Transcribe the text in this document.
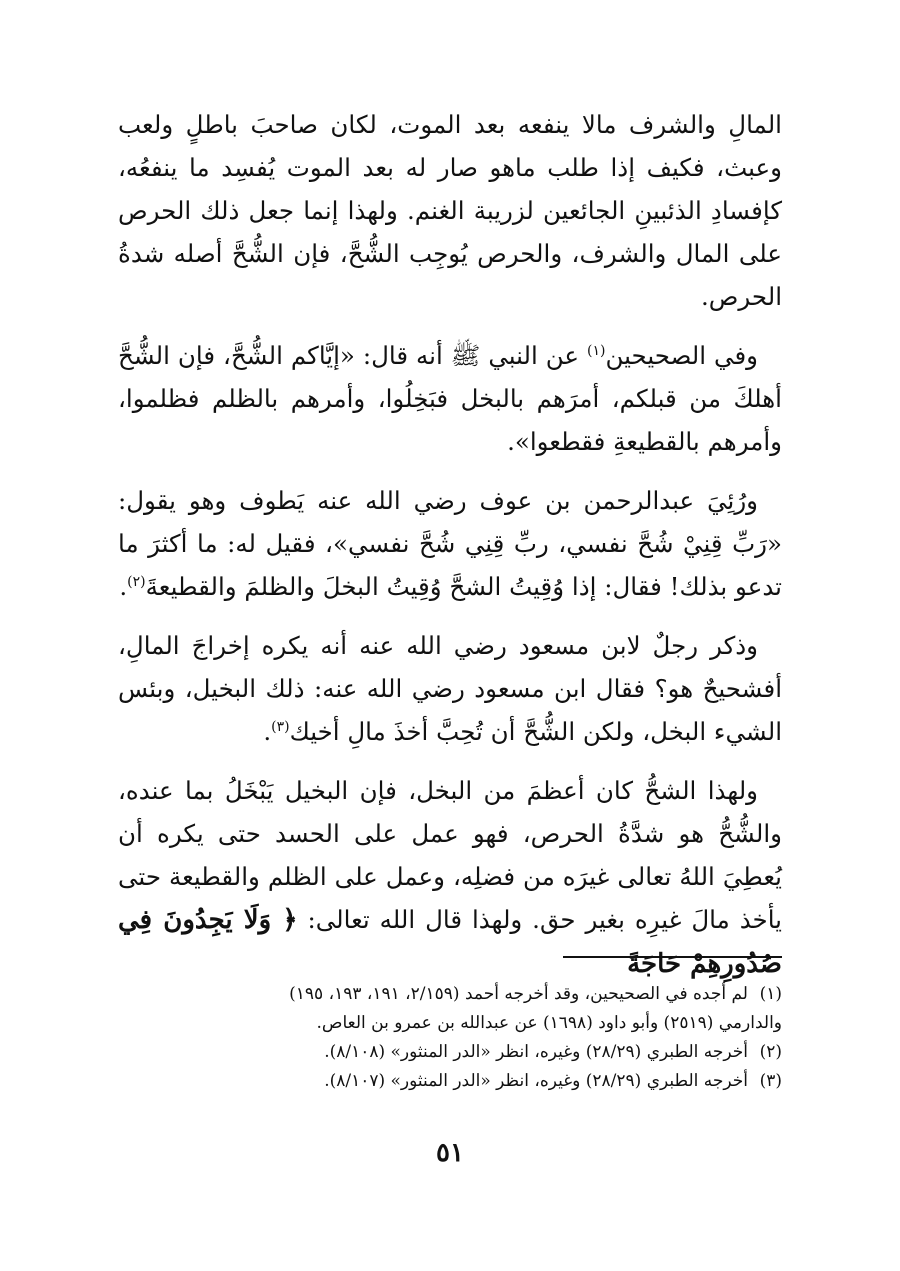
المالِ والشرف مالا ينفعه بعد الموت، لكان صاحبَ باطلٍ ولعب وعبث، فكيف إذا طلب ماهو صار له بعد الموت يُفسِد ما ينفعُه، كإفسادِ الذئبينِ الجائعين لزريبة الغنم. ولهذا إنما جعل ذلك الحرص على المال والشرف، والحرص يُوجِب الشُّحَّ، فإن الشُّحَّ أصله شدةُ الحرص.

وفي الصحيحين$^{(١)}$ عن النبي ﷺ أنه قال: «إيَّاكم الشُّحَّ، فإن الشُّحَّ أهلكَ من قبلكم، أمرَهم بالبخل فبَخِلُوا، وأمرهم بالظلم فظلموا، وأمرهم بالقطيعةِ فقطعوا».

ورُئِيَ عبدالرحمن بن عوف رضي الله عنه يَطوف وهو يقول: «رَبِّ قِنِيْ شُحَّ نفسي، ربِّ قِنِي شُحَّ نفسي»، فقيل له: ما أكثرَ ما تدعو بذلك! فقال: إذا وُقِيتُ الشحَّ وُقِيتُ البخلَ والظلمَ والقطيعةَ$^{(٢)}$.

وذكر رجلٌ لابن مسعود رضي الله عنه أنه يكره إخراجَ المالِ، أفشحيحٌ هو؟ فقال ابن مسعود رضي الله عنه: ذلك البخيل، وبئس الشيء البخل، ولكن الشُّحَّ أن تُحِبَّ أخذَ مالِ أخيك$^{(٣)}$.

ولهذا الشحُّ كان أعظمَ من البخل، فإن البخيل يَبْخَلُ بما عنده، والشُّحُّ هو شدَّةُ الحرص، فهو عمل على الحسد حتى يكره أن يُعطِيَ اللهُ تعالى غيرَه من فضلِه، وعمل على الظلم والقطيعة حتى يأخذ مالَ غيرِه بغير حق. ولهذا قال الله تعالى: ﴿ وَلَا يَجِدُونَ فِي صُدُورِهِمْ حَاجَةً

(١)لم أجده في الصحيحين، وقد أخرجه أحمد (٢/١٥٩، ١٩١، ١٩٣، ١٩٥)

والدارمي (٢٥١٩) وأبو داود (١٦٩٨) عن عبدالله بن عمرو بن العاص.

(٢)أخرجه الطبري (٢٨/٢٩) وغيره، انظر «الدر المنثور» (٨/١٠٨).

(٣)أخرجه الطبري (٢٨/٢٩) وغيره، انظر «الدر المنثور» (٨/١٠٧).

٥١
